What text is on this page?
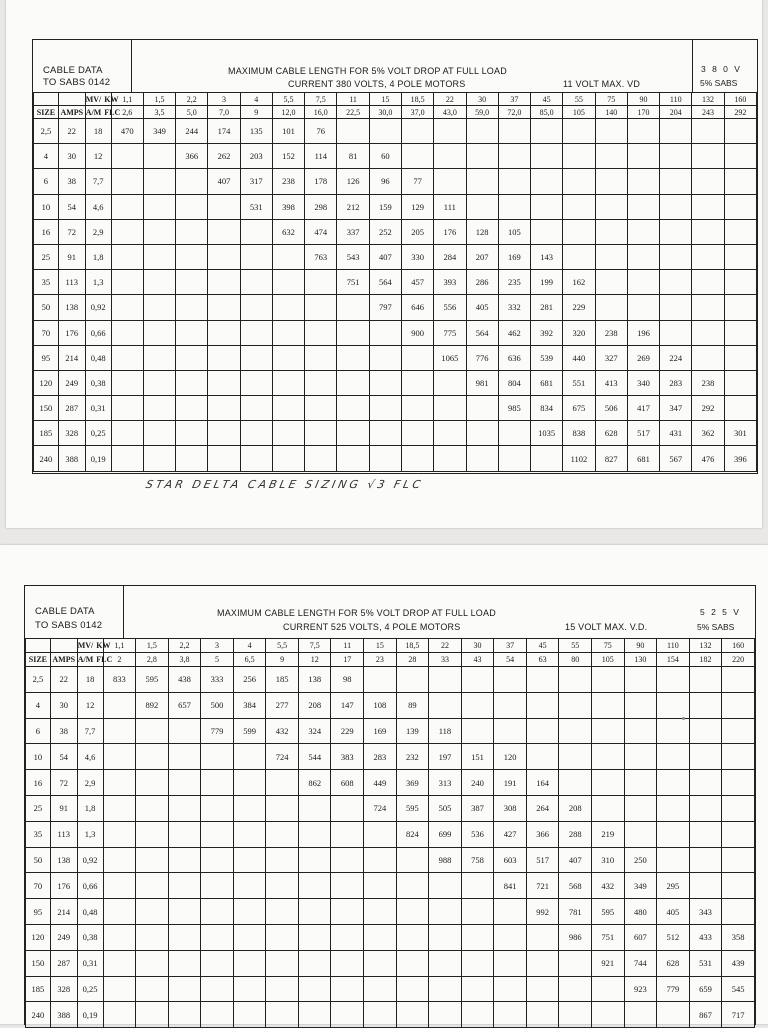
CABLE DATA
TO SABS 0142
MAXIMUM CABLE LENGTH FOR 5% VOLT DROP AT FULL LOAD
CURRENT 380 VOLTS, 4 POLE MOTORS	11 VOLT MAX. VD
3 8 0 V
5% SABS
		MV/ KW	1,1	1,5	2,2	3	4	5,5	7,5	11	15	18,5	22	30	37	45	55	75	90	110	132	160
SIZE	AMPS	A/M FLC	2,6	3,5	5,0	7,0	9	12,0	16,0	22,5	30,0	37,0	43,0	59,0	72,0	85,0	105	140	170	204	243	292
2,5	22	18	470	349	244	174	135	101	76													
4	30	12			366	262	203	152	114	81	60											
6	38	7,7				407	317	238	178	126	96	77										
10	54	4,6					531	398	298	212	159	129	111									
16	72	2,9						632	474	337	252	205	176	128	105							
25	91	1,8							763	543	407	330	284	207	169	143						
35	113	1,3								751	564	457	393	286	235	199	162					
50	138	0,92									797	646	556	405	332	281	229					
70	176	0,66										900	775	564	462	392	320	238	196			
95	214	0,48											1065	776	636	539	440	327	269	224		
120	249	0,38												981	804	681	551	413	340	283	238	
150	287	0,31													985	834	675	506	417	347	292	
185	328	0,25														1035	838	628	517	431	362	301
240	388	0,19															1102	827	681	567	476	396
STAR DELTA CABLE SIZING √3 FLC
CABLE DATA
TO SABS 0142
MAXIMUM CABLE LENGTH FOR 5% VOLT DROP AT FULL LOAD
CURRENT 525 VOLTS, 4 POLE MOTORS	15 VOLT MAX. V.D.
5 2 5 V
5% SABS
		MV/ KW	1,1	1,5	2,2	3	4	5,5	7,5	11	15	18,5	22	30	37	45	55	75	90	110	132	160
SIZE	AMPS	A/M FLC	2	2,8	3,8	5	6,5	9	12	17	23	28	33	43	54	63	80	105	130	154	182	220
2,5	22	18	833	595	438	333	256	185	138	98												
4	30	12		892	657	500	384	277	208	147	108	89										
6	38	7,7				779	599	432	324	229	169	139	118									
10	54	4,6						724	544	383	283	232	197	151	120							
16	72	2,9							862	608	449	369	313	240	191	164						
25	91	1,8									724	595	505	387	308	264	208					
35	113	1,3										824	699	536	427	366	288	219				
50	138	0,92											988	758	603	517	407	310	250			
70	176	0,66													841	721	568	432	349	295		
95	214	0,48														992	781	595	480	405	343	
120	249	0,38															986	751	607	512	433	358
150	287	0,31																921	744	628	531	439
185	328	0,25																	923	779	659	545
240	388	0,19																			867	717
